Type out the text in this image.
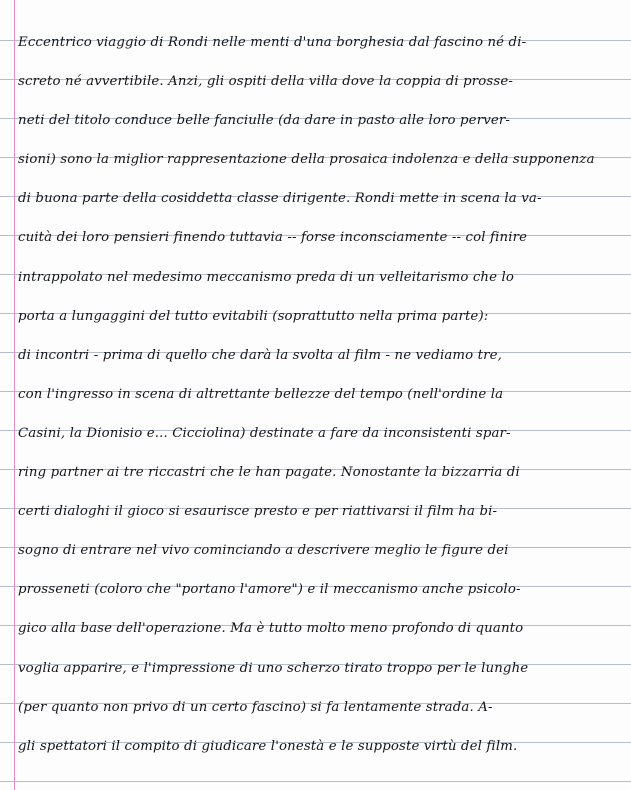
Eccentrico viaggio di Rondi nelle menti d'una borghesia dal fascino né di-
screto né avvertibile. Anzi, gli ospiti della villa dove la coppia di prosse-
neti del titolo conduce belle fanciulle (da dare in pasto alle loro perver-
sioni) sono la miglior rappresentazione della prosaica indolenza e della supponenza
di buona parte della cosiddetta classe dirigente. Rondi mette in scena la va-
cuità dei loro pensieri finendo tuttavia -- forse inconsciamente -- col finire
intrappolato nel medesimo meccanismo preda di un velleitarismo che lo
porta a lungaggini del tutto evitabili (soprattutto nella prima parte):
di incontri - prima di quello che darà la svolta al film - ne vediamo tre,
con l'ingresso in scena di altrettante bellezze del tempo (nell'ordine la
Casini, la Dionisio e... Cicciolina) destinate a fare da inconsistenti spar-
ring partner ai tre riccastri che le han pagate. Nonostante la bizzarria di
certi dialoghi il gioco si esaurisce presto e per riattivarsi il film ha bi-
sogno di entrare nel vivo cominciando a descrivere meglio le figure dei
prosseneti (coloro che "portano l'amore") e il meccanismo anche psicolo-
gico alla base dell'operazione. Ma è tutto molto meno profondo di quanto
voglia apparire, e l'impressione di uno scherzo tirato troppo per le lunghe
(per quanto non privo di un certo fascino) si fa lentamente strada. A-
gli spettatori il compito di giudicare l'onestà e le supposte virtù del film.
